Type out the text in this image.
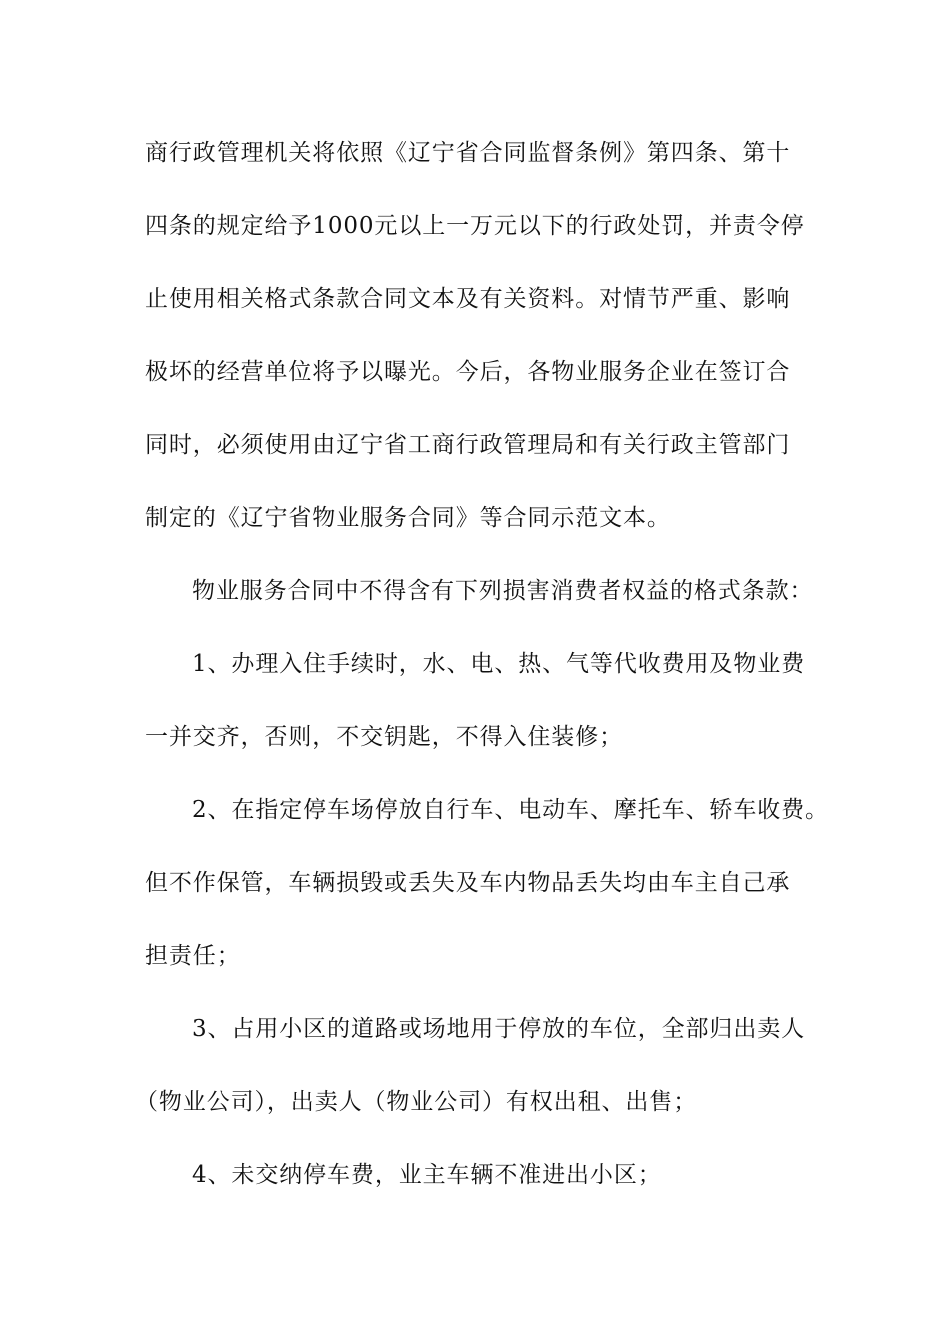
商行政管理机关将依照《辽宁省合同监督条例》第四条、第十
四条的规定给予1000元以上一万元以下的行政处罚，并责令停
止使用相关格式条款合同文本及有关资料。对情节严重、影响
极坏的经营单位将予以曝光。今后，各物业服务企业在签订合
同时，必须使用由辽宁省工商行政管理局和有关行政主管部门
制定的《辽宁省物业服务合同》等合同示范文本。
物业服务合同中不得含有下列损害消费者权益的格式条款：
1、办理入住手续时，水、电、热、气等代收费用及物业费
一并交齐，否则，不交钥匙，不得入住装修；
2、在指定停车场停放自行车、电动车、摩托车、轿车收费。
但不作保管，车辆损毁或丢失及车内物品丢失均由车主自己承
担责任；
3、占用小区的道路或场地用于停放的车位，全部归出卖人
（物业公司），出卖人（物业公司）有权出租、出售；
4、未交纳停车费，业主车辆不准进出小区；
